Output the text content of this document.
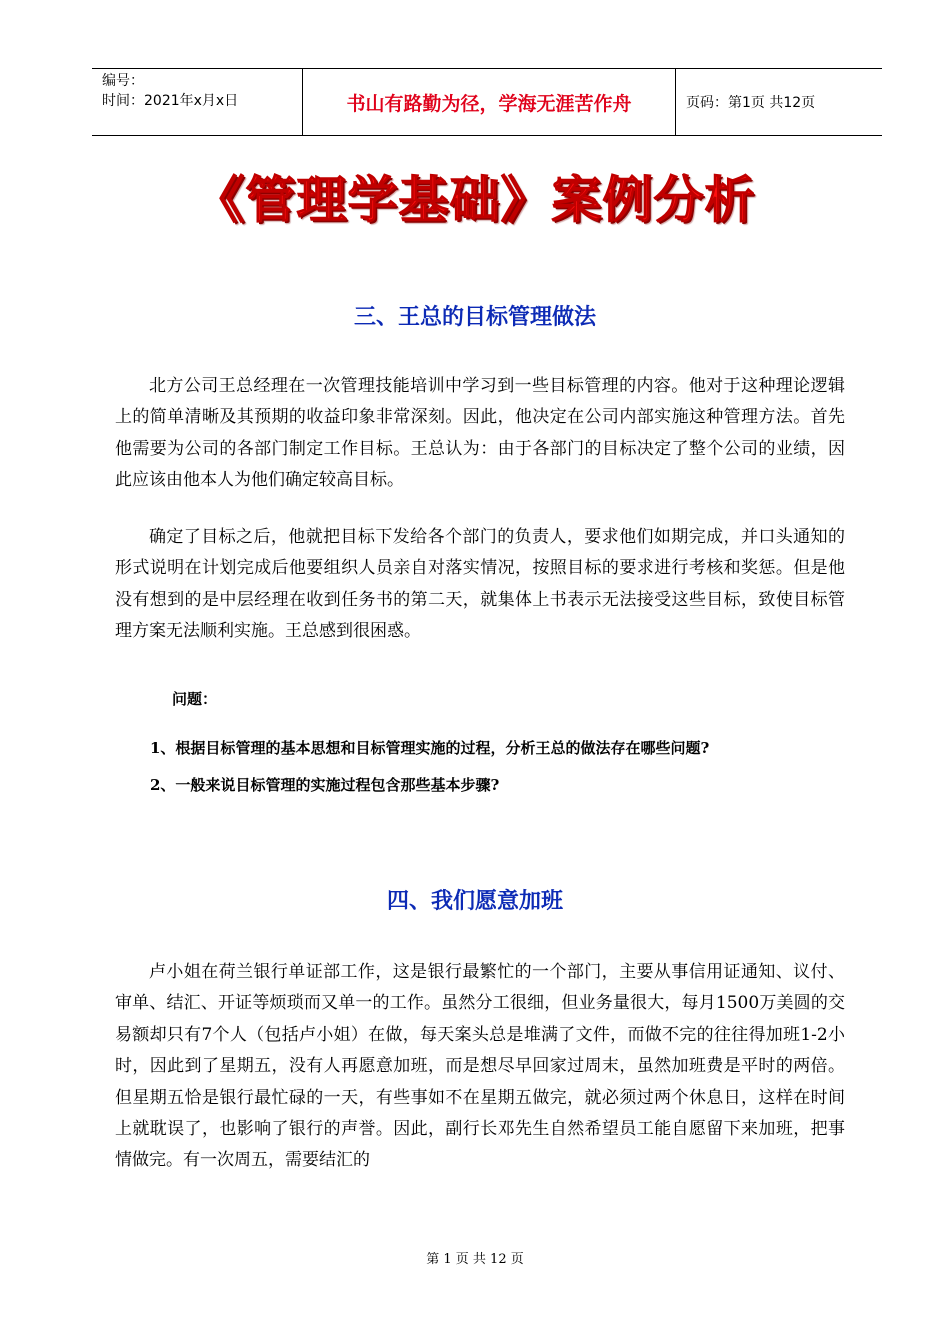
编号：
时间：2021年x月x日	书山有路勤为径，学海无涯苦作舟	页码：第1页 共12页
《管理学基础》案例分析
三、王总的目标管理做法

北方公司王总经理在一次管理技能培训中学习到一些目标管理的内容。他对于这种理论逻辑上的简单清晰及其预期的收益印象非常深刻。因此，他决定在公司内部实施这种管理方法。首先他需要为公司的各部门制定工作目标。王总认为：由于各部门的目标决定了整个公司的业绩，因此应该由他本人为他们确定较高目标。

确定了目标之后，他就把目标下发给各个部门的负责人，要求他们如期完成，并口头通知的形式说明在计划完成后他要组织人员亲自对落实情况，按照目标的要求进行考核和奖惩。但是他没有想到的是中层经理在收到任务书的第二天，就集体上书表示无法接受这些目标，致使目标管理方案无法顺利实施。王总感到很困惑。

问题：
1、根据目标管理的基本思想和目标管理实施的过程，分析王总的做法存在哪些问题?
2、一般来说目标管理的实施过程包含那些基本步骤?
四、我们愿意加班

卢小姐在荷兰银行单证部工作，这是银行最繁忙的一个部门，主要从事信用证通知、议付、审单、结汇、开证等烦琐而又单一的工作。虽然分工很细，但业务量很大，每月1500万美圆的交易额却只有7个人（包括卢小姐）在做，每天案头总是堆满了文件，而做不完的往往得加班1-2小时，因此到了星期五，没有人再愿意加班，而是想尽早回家过周末，虽然加班费是平时的两倍。但星期五恰是银行最忙碌的一天，有些事如不在星期五做完，就必须过两个休息日，这样在时间上就耽误了，也影响了银行的声誉。因此，副行长邓先生自然希望员工能自愿留下来加班，把事情做完。有一次周五，需要结汇的

第 1 页 共 12 页
